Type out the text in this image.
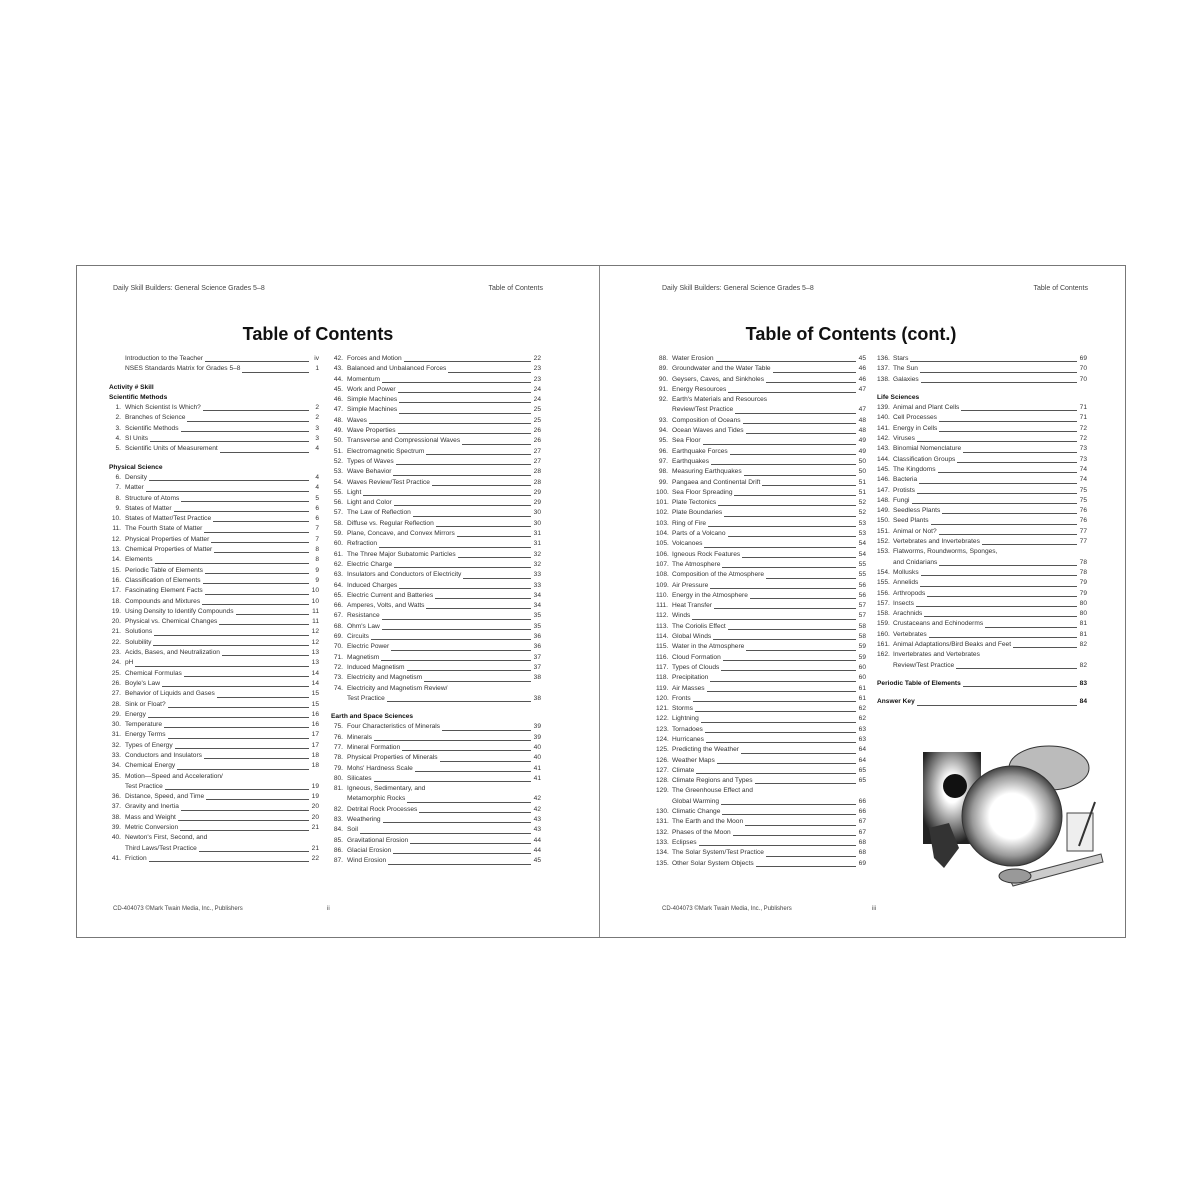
Daily Skill Builders: General Science Grades 5–8	Table of Contents
Table of Contents
Introduction to the Teacher	iv
NSES Standards Matrix for Grades 5–8	1
Activity # Skill
Scientific Methods
1. Which Scientist Is Which?	2
2. Branches of Science	2
3. Scientific Methods	3
4. SI Units	3
5. Scientific Units of Measurement	4
Physical Science
6. Density	4
7. Matter	4
8. Structure of Atoms	5
9. States of Matter	6
10. States of Matter/Test Practice	6
11. The Fourth State of Matter	7
12. Physical Properties of Matter	7
13. Chemical Properties of Matter	8
14. Elements	8
15. Periodic Table of Elements	9
16. Classification of Elements	9
17. Fascinating Element Facts	10
18. Compounds and Mixtures	10
19. Using Density to Identify Compounds	11
20. Physical vs. Chemical Changes	11
21. Solutions	12
22. Solubility	12
23. Acids, Bases, and Neutralization	13
24. pH	13
25. Chemical Formulas	14
26. Boyle's Law	14
27. Behavior of Liquids and Gases	15
28. Sink or Float?	15
29. Energy	16
30. Temperature	16
31. Energy Terms	17
32. Types of Energy	17
33. Conductors and Insulators	18
34. Chemical Energy	18
35. Motion—Speed and Acceleration/
Test Practice	19
36. Distance, Speed, and Time	19
37. Gravity and Inertia	20
38. Mass and Weight	20
39. Metric Conversion	21
40. Newton's First, Second, and
Third Laws/Test Practice	21
41. Friction	22
42. Forces and Motion	22
43. Balanced and Unbalanced Forces	23
44. Momentum	23
45. Work and Power	24
46. Simple Machines	24
47. Simple Machines	25
48. Waves	25
49. Wave Properties	26
50. Transverse and Compressional Waves	26
51. Electromagnetic Spectrum	27
52. Types of Waves	27
53. Wave Behavior	28
54. Waves Review/Test Practice	28
55. Light	29
56. Light and Color	29
57. The Law of Reflection	30
58. Diffuse vs. Regular Reflection	30
59. Plane, Concave, and Convex Mirrors	31
60. Refraction	31
61. The Three Major Subatomic Particles	32
62. Electric Charge	32
63. Insulators and Conductors of Electricity	33
64. Induced Charges	33
65. Electric Current and Batteries	34
66. Amperes, Volts, and Watts	34
67. Resistance	35
68. Ohm's Law	35
69. Circuits	36
70. Electric Power	36
71. Magnetism	37
72. Induced Magnetism	37
73. Electricity and Magnetism	38
74. Electricity and Magnetism Review/
Test Practice	38
Earth and Space Sciences
75. Four Characteristics of Minerals	39
76. Minerals	39
77. Mineral Formation	40
78. Physical Properties of Minerals	40
79. Mohs' Hardness Scale	41
80. Silicates	41
81. Igneous, Sedimentary, and
Metamorphic Rocks	42
82. Detrital Rock Processes	42
83. Weathering	43
84. Soil	43
85. Gravitational Erosion	44
86. Glacial Erosion	44
87. Wind Erosion	45
CD-404073 ©Mark Twain Media, Inc., Publishers	ii
Daily Skill Builders: General Science Grades 5–8	Table of Contents
Table of Contents (cont.)
88. Water Erosion	45
89. Groundwater and the Water Table	46
90. Geysers, Caves, and Sinkholes	46
91. Energy Resources	47
92. Earth's Materials and Resources
Review/Test Practice	47
93. Composition of Oceans	48
94. Ocean Waves and Tides	48
95. Sea Floor	49
96. Earthquake Forces	49
97. Earthquakes	50
98. Measuring Earthquakes	50
99. Pangaea and Continental Drift	51
100. Sea Floor Spreading	51
101. Plate Tectonics	52
102. Plate Boundaries	52
103. Ring of Fire	53
104. Parts of a Volcano	53
105. Volcanoes	54
106. Igneous Rock Features	54
107. The Atmosphere	55
108. Composition of the Atmosphere	55
109. Air Pressure	56
110. Energy in the Atmosphere	56
111. Heat Transfer	57
112. Winds	57
113. The Coriolis Effect	58
114. Global Winds	58
115. Water in the Atmosphere	59
116. Cloud Formation	59
117. Types of Clouds	60
118. Precipitation	60
119. Air Masses	61
120. Fronts	61
121. Storms	62
122. Lightning	62
123. Tornadoes	63
124. Hurricanes	63
125. Predicting the Weather	64
126. Weather Maps	64
127. Climate	65
128. Climate Regions and Types	65
129. The Greenhouse Effect and
Global Warming	66
130. Climatic Change	66
131. The Earth and the Moon	67
132. Phases of the Moon	67
133. Eclipses	68
134. The Solar System/Test Practice	68
135. Other Solar System Objects	69
136. Stars	69
137. The Sun	70
138. Galaxies	70
Life Sciences
139. Animal and Plant Cells	71
140. Cell Processes	71
141. Energy in Cells	72
142. Viruses	72
143. Binomial Nomenclature	73
144. Classification Groups	73
145. The Kingdoms	74
146. Bacteria	74
147. Protists	75
148. Fungi	75
149. Seedless Plants	76
150. Seed Plants	76
151. Animal or Not?	77
152. Vertebrates and Invertebrates	77
153. Flatworms, Roundworms, Sponges,
and Cnidarians	78
154. Mollusks	78
155. Annelids	79
156. Arthropods	79
157. Insects	80
158. Arachnids	80
159. Crustaceans and Echinoderms	81
160. Vertebrates	81
161. Animal Adaptations/Bird Beaks and Feet	82
162. Invertebrates and Vertebrates
Review/Test Practice	82
Periodic Table of Elements	83
Answer Key	84
CD-404073 ©Mark Twain Media, Inc., Publishers	iii
